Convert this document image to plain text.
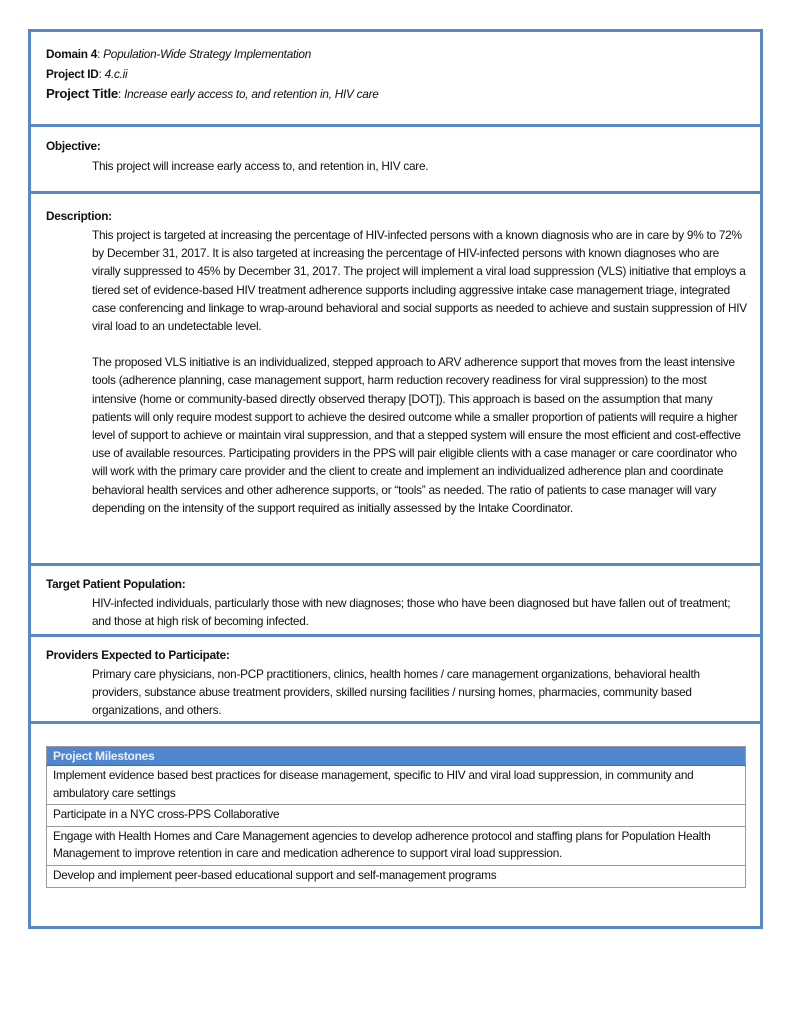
Domain 4: Population-Wide Strategy Implementation
Project ID: 4.c.ii
Project Title: Increase early access to, and retention in, HIV care
Objective:

This project will increase early access to, and retention in, HIV care.

Description:

This project is targeted at increasing the percentage of HIV-infected persons with a known diagnosis who are in care by 9% to 72% by December 31, 2017. It is also targeted at increasing the percentage of HIV-infected persons with known diagnoses who are virally suppressed to 45% by December 31, 2017. The project will implement a viral load suppression (VLS) initiative that employs a tiered set of evidence-based HIV treatment adherence supports including aggressive intake case management triage, integrated case conferencing and linkage to wrap-around behavioral and social supports as needed to achieve and sustain suppression of HIV viral load to an undetectable level.

The proposed VLS initiative is an individualized, stepped approach to ARV adherence support that moves from the least intensive tools (adherence planning, case management support, harm reduction recovery readiness for viral suppression) to the most intensive (home or community-based directly observed therapy [DOT]). This approach is based on the assumption that many patients will only require modest support to achieve the desired outcome while a smaller proportion of patients will require a higher level of support to achieve or maintain viral suppression, and that a stepped system will ensure the most efficient and cost-effective use of available resources. Participating providers in the PPS will pair eligible clients with a case manager or care coordinator who will work with the primary care provider and the client to create and implement an individualized adherence plan and coordinate behavioral health services and other adherence supports, or “tools” as needed. The ratio of patients to case manager will vary depending on the intensity of the support required as initially assessed by the Intake Coordinator.

Target Patient Population:

HIV-infected individuals, particularly those with new diagnoses; those who have been diagnosed but have fallen out of treatment; and those at high risk of becoming infected.

Providers Expected to Participate:

Primary care physicians, non-PCP practitioners, clinics, health homes / care management organizations, behavioral health providers, substance abuse treatment providers, skilled nursing facilities / nursing homes, pharmacies, community based organizations, and others.

Project Milestones
Implement evidence based best practices for disease management, specific to HIV and viral load suppression, in community and ambulatory care settings
Participate in a NYC cross-PPS Collaborative
Engage with Health Homes and Care Management agencies to develop adherence protocol and staffing plans for Population Health Management to improve retention in care and medication adherence to support viral load suppression.
Develop and implement peer-based educational support and self-management programs
